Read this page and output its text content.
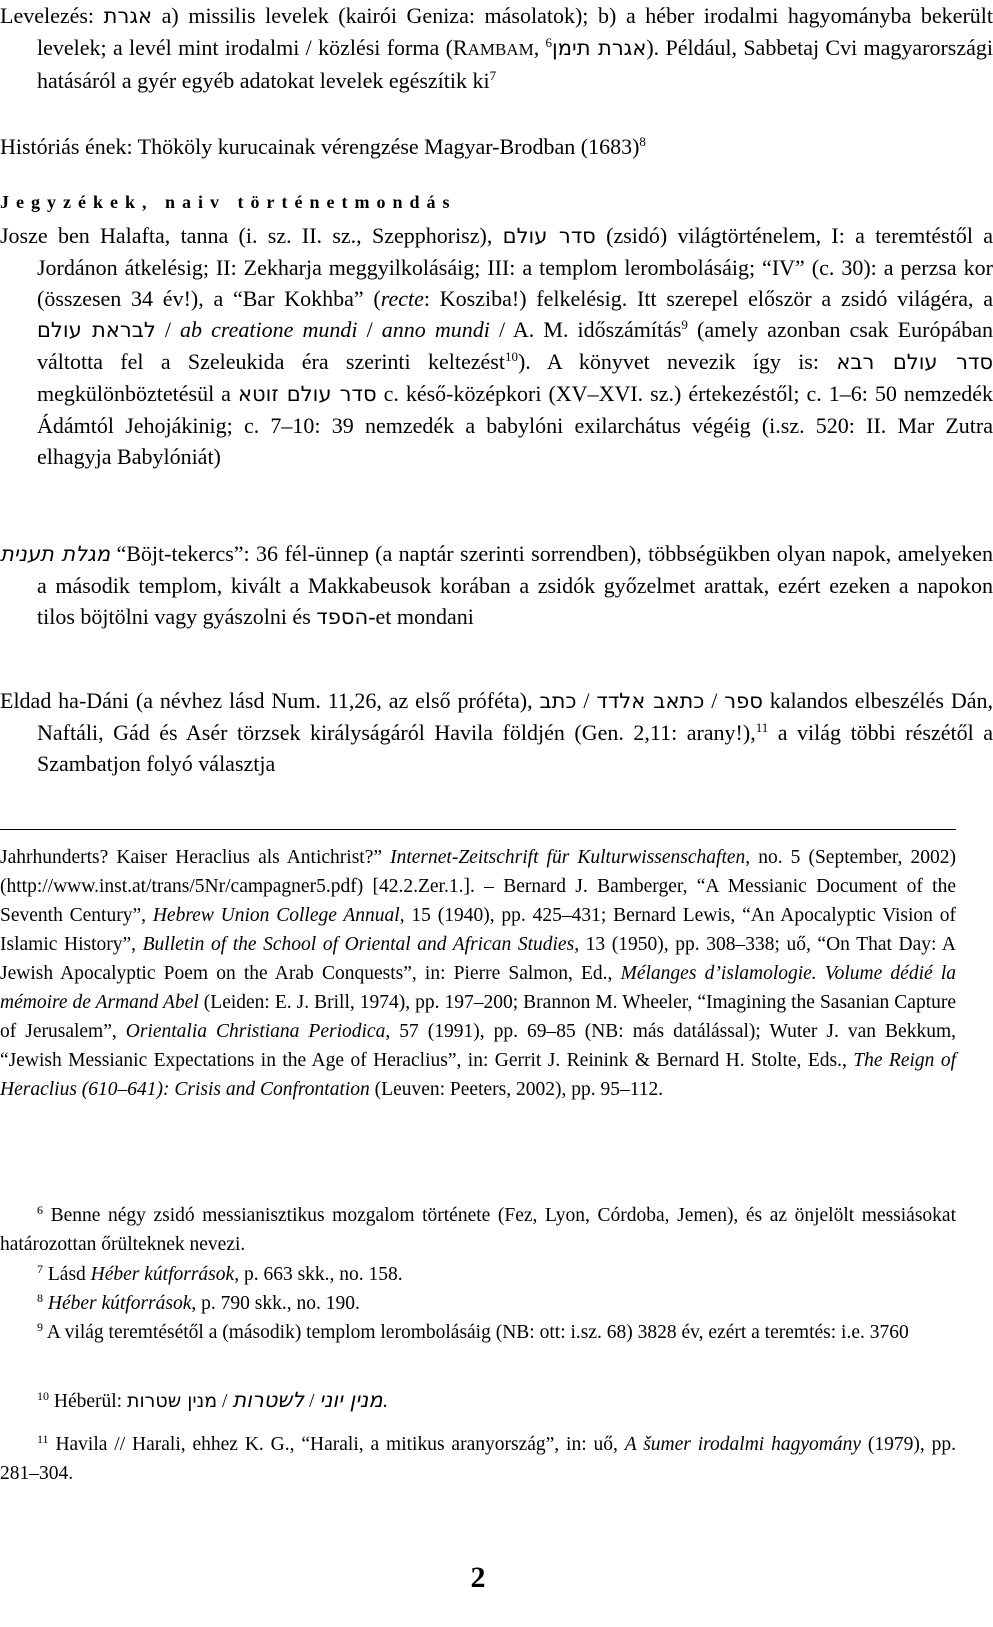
Levelezés: אגרת a) missilis levelek (kairói Geniza: másolatok); b) a héber irodalmi hagyományba bekerült levelek; a levél mint irodalmi / közlési forma (RAMBAM, $^6$אגרת תימן). Például, Sabbetaj Cvi magyarországi hatásáról a gyér egyéb adatokat levelek egészítik $ki^7$
Históriás ének: Thököly kurucainak vérengzése Magyar-Brodban $(1683)^8$
Jegyzékek, naiv történetmondás
Josze ben Halafta, tanna (i. sz. II. sz., Szepphorisz), סדר עולם (zsidó) világtörténelem, I: a teremtéstől a Jordánon átkelésig; II: Zekharja meggyilkolásáig; III: a templom lerombolásáig; “IV” (c. 30): a perzsa kor (összesen 34 év!), a “Bar Kokhba” (recte: Kosziba!) felkelésig. Itt szerepel először a zsidó világéra, a לבראת עולם / ab creatione mundi / anno mundi / A. M. időszámítás$^9$ (amely azonban csak Európában váltotta fel a Szeleukida éra szerinti keltezést$^{10}$). A könyvet nevezik így is: סדר עולם רבא megkülönböztetésül a סדר עולם זוטא c. késő-középkori (XV–XVI. sz.) értekezéstől; c. 1–6: 50 nemzedék Ádámtól Jehojákinig; c. 7–10: 39 nemzedék a babylóni exilarchátus végéig (i.sz. 520: II. Mar Zutra elhagyja Babylóniát)
מגלת תענית “Böjt-tekercs”: 36 fél-ünnep (a naptár szerinti sorrendben), többségükben olyan napok, amelyeken a második templom, kivált a Makkabeusok korában a zsidók győzelmet arattak, ezért ezeken a napokon tilos böjtölni vagy gyászolni és הספד-et mondani
Eldad ha-Dáni (a névhez lásd Num. 11,26, az első próféta), כתב / כתאב אלדד / ספר kalandos elbeszélés Dán, Naftáli, Gád és Asér törzsek királyságáról Havila földjén (Gen. 2,11: arany!),$^{11}$ a világ többi részétől a Szambatjon folyó választja

Jahrhunderts? Kaiser Heraclius als Antichrist?” Internet-Zeitschrift für Kulturwissenschaften, no. 5 (September, 2002) (http://www.inst.at/trans/5Nr/campagner5.pdf) [42.2.Zer.1.]. – Bernard J. Bamberger, “A Messianic Document of the Seventh Century”, Hebrew Union College Annual, 15 (1940), pp. 425–431; Bernard Lewis, “An Apocalyptic Vision of Islamic History”, Bulletin of the School of Oriental and African Studies, 13 (1950), pp. 308–338; uő, “On That Day: A Jewish Apocalyptic Poem on the Arab Conquests”, in: Pierre Salmon, Ed., Mélanges d’islamologie. Volume dédié la mémoire de Armand Abel (Leiden: E. J. Brill, 1974), pp. 197–200; Brannon M. Wheeler, “Imagining the Sasanian Capture of Jerusalem”, Orientalia Christiana Periodica, 57 (1991), pp. 69–85 (NB: más datálással); Wuter J. van Bekkum, “Jewish Messianic Expectations in the Age of Heraclius”, in: Gerrit J. Reinink & Bernard H. Stolte, Eds., The Reign of Heraclius (610–641): Crisis and Confrontation (Leuven: Peeters, 2002), pp. 95–112.

$^6$ Benne négy zsidó messianisztikus mozgalom története (Fez, Lyon, Córdoba, Jemen), és az önjelölt messiásokat határozottan őrülteknek nevezi.

$^7$ Lásd Héber kútforrások, p. 663 skk., no. 158.

$^8$ Héber kútforrások, p. 790 skk., no. 190.

$^9$ A világ teremtésétől a (második) templom lerombolásáig (NB: ott: i.sz. 68) 3828 év, ezért a teremtés: i.e. 3760

$^{10}$ Héberül: מנין שטרות / לשטרות / מנין יוני.

$^{11}$ Havila // Harali, ehhez K. G., “Harali, a mitikus aranyország”, in: uő, A šumer irodalmi hagyomány (1979), pp. 281–304.

2
